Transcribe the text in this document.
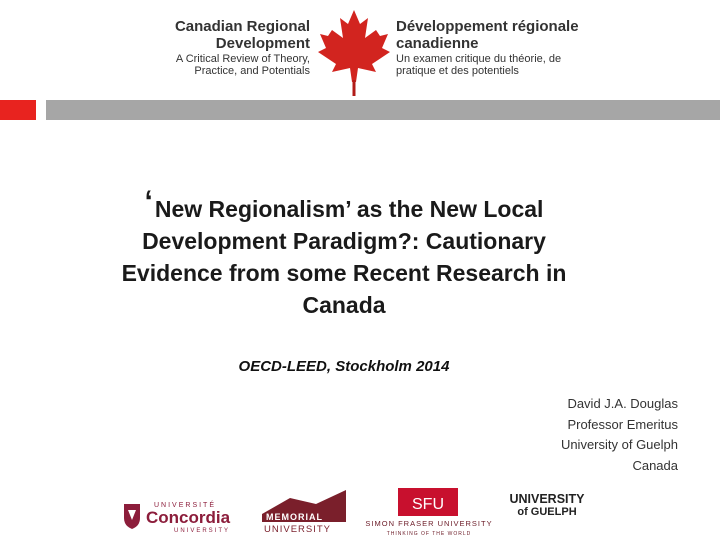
Canadian Regional
Development
A Critical Review of Theory,
Practice, and Potentials
Développement régionale
canadienne
Un examen critique du théorie, de
pratique et des potentiels
‘New Regionalism’ as the New Local
Development Paradigm?: Cautionary
Evidence from some Recent Research in
Canada
OECD-LEED, Stockholm 2014
David J.A. Douglas
Professor Emeritus
University of Guelph
Canada
UNIVERSITÉ
Concordia
UNIVERSITY
MEMORIAL
UNIVERSITY
SFU
SIMON FRASER UNIVERSITY
THINKING OF THE WORLD
UNIVERSITY
of GUELPH
